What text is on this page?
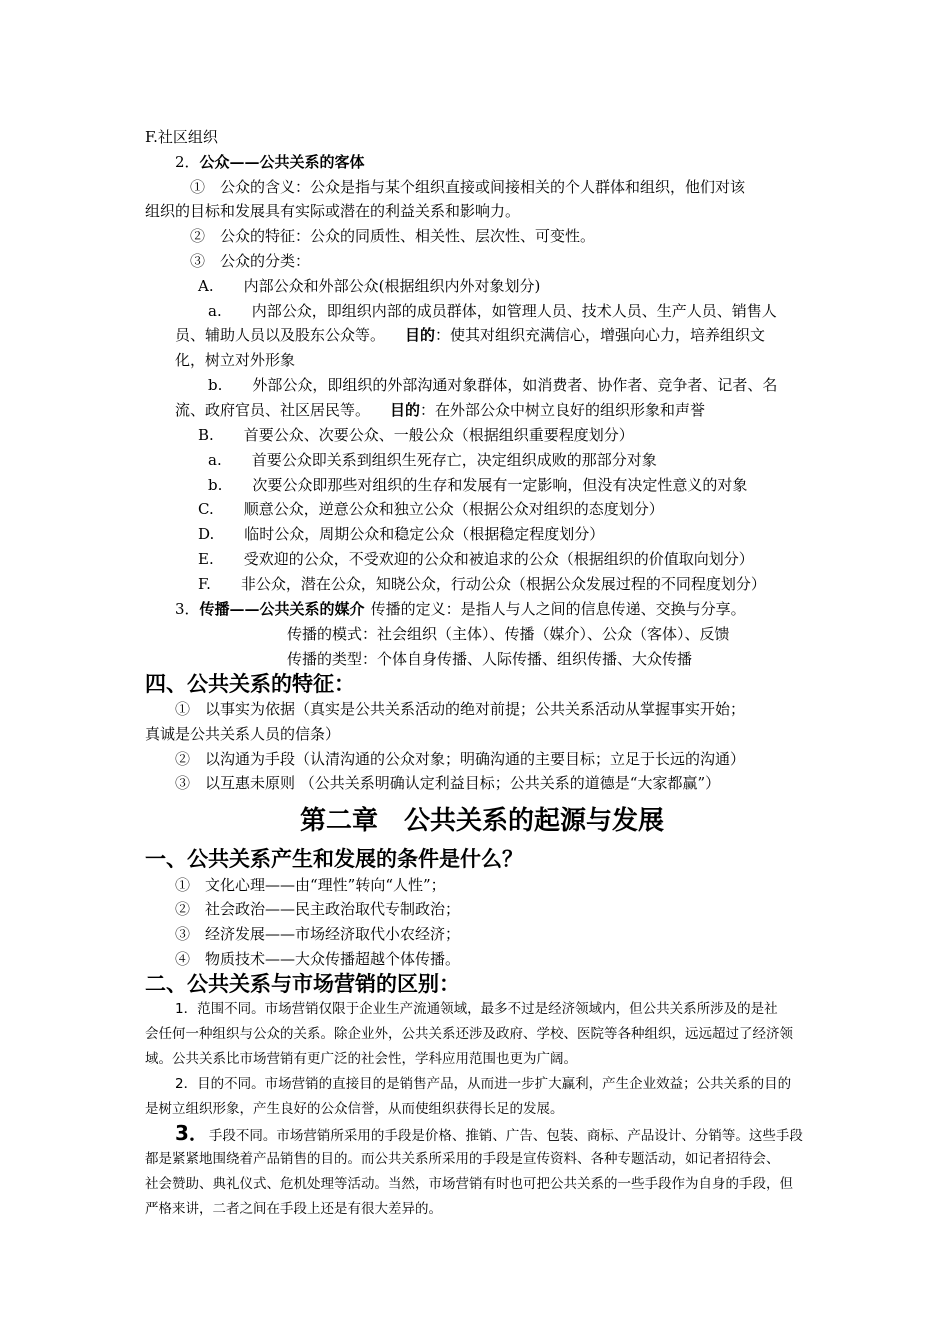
F.社区组织
2．公众——公共关系的客体
①　公众的含义：公众是指与某个组织直接或间接相关的个人群体和组织，他们对该
组织的目标和发展具有实际或潜在的利益关系和影响力。
②　公众的特征：公众的同质性、相关性、层次性、可变性。
③　公众的分类：
A.　　内部公众和外部公众(根据组织内外对象划分)
a.　　内部公众，即组织内部的成员群体，如管理人员、技术人员、生产人员、销售人
员、辅助人员以及股东公众等。 目的：使其对组织充满信心，增强向心力，培养组织文
化，树立对外形象
b.　　外部公众，即组织的外部沟通对象群体，如消费者、协作者、竞争者、记者、名
流、政府官员、社区居民等。 目的：在外部公众中树立良好的组织形象和声誉
B.　　首要公众、次要公众、一般公众（根据组织重要程度划分）
a.　　首要公众即关系到组织生死存亡，决定组织成败的那部分对象
b.　　次要公众即那些对组织的生存和发展有一定影响，但没有决定性意义的对象
C.　　顺意公众，逆意公众和独立公众（根据公众对组织的态度划分）
D.　　临时公众，周期公众和稳定公众（根据稳定程度划分）
E.　　受欢迎的公众，不受欢迎的公众和被追求的公众（根据组织的价值取向划分）
F.　　非公众，潜在公众，知晓公众，行动公众（根据公众发展过程的不同程度划分）
3．传播——公共关系的媒介 传播的定义：是指人与人之间的信息传递、交换与分享。
传播的模式：社会组织（主体）、传播（媒介）、公众（客体）、反馈
传播的类型：个体自身传播、人际传播、组织传播、大众传播
四、公共关系的特征：
①　以事实为依据（真实是公共关系活动的绝对前提；公共关系活动从掌握事实开始；
真诚是公共关系人员的信条）
②　以沟通为手段（认清沟通的公众对象；明确沟通的主要目标；立足于长远的沟通）
③　以互惠未原则 （公共关系明确认定利益目标；公共关系的道德是“大家都赢”）
第二章　公共关系的起源与发展
一、公共关系产生和发展的条件是什么？
①　文化心理——由“理性”转向“人性”；
②　社会政治——民主政治取代专制政治；
③　经济发展——市场经济取代小农经济；
④　物质技术——大众传播超越个体传播。
二、公共关系与市场营销的区别：
1．范围不同。市场营销仅限于企业生产流通领域，最多不过是经济领域内，但公共关系所涉及的是社
会任何一种组织与公众的关系。除企业外，公共关系还涉及政府、学校、医院等各种组织，远远超过了经济领
域。公共关系比市场营销有更广泛的社会性，学科应用范围也更为广阔。
2．目的不同。市场营销的直接目的是销售产品，从而进一步扩大赢利，产生企业效益；公共关系的目的
是树立组织形象，产生良好的公众信誉，从而使组织获得长足的发展。
3．手段不同。市场营销所采用的手段是价格、推销、广告、包装、商标、产品设计、分销等。这些手段
都是紧紧地围绕着产品销售的目的。而公共关系所采用的手段是宣传资料、各种专题活动，如记者招待会、
社会赞助、典礼仪式、危机处理等活动。当然，市场营销有时也可把公共关系的一些手段作为自身的手段，但
严格来讲，二者之间在手段上还是有很大差异的。
